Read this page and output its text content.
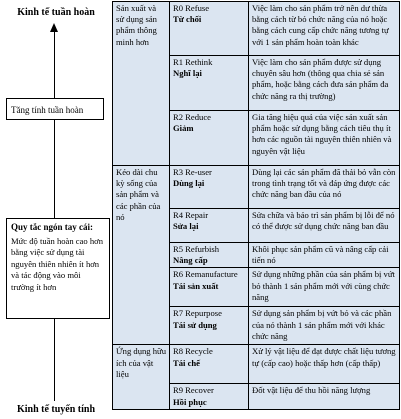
Kinh tế tuần hoàn
Tăng tính tuần hoàn
Quy tắc ngón tay cái:
Mức độ tuần hoàn cao hơn bằng việc sử dụng tài nguyên thiên nhiên ít hơn và tác động vào môi trường ít hơn
Kinh tế tuyến tính
Sản xuất và sử dụng sản phẩm thông minh hơn	R0 Refuse
Từ chối	Việc làm cho sản phẩm trở nên dư thừa bằng cách từ bỏ chức năng của nó hoặc bằng cách cung cấp chức năng tương tự với 1 sản phẩm hoàn toàn khác

	R1 Rethink
Nghĩ lại	Việc làm cho sản phẩm được sử dụng chuyên sâu hơn (thông qua chia sẻ sản phẩm, hoặc bằng cách đưa sản phẩm đa chức năng ra thị trường)

	R2 Reduce
Giảm	Gia tăng hiệu quả của việc sản xuất sản phẩm hoặc sử dụng bằng cách tiêu thụ ít hơn các nguồn tài nguyên thiên nhiên và nguyên vật liệu
Kéo dài chu kỳ sống của sản phẩm và các phần của nó	R3 Re-user
Dùng lại	Dùng lại các sản phẩm đã thải bỏ vẫn còn trong tình trạng tốt và đáp ứng được các chức năng ban đầu của nó

	R4 Repair
Sửa lại	Sửa chữa và bảo trì sản phẩm bị lỗi để nó có thể được sử dụng chức năng ban đầu

	R5 Refurbish
Nâng cấp	Khôi phục sản phẩm cũ và nâng cấp cải tiến nó

	R6 Remanufacture
Tái sản xuất	Sử dụng những phần của sản phẩm bị vứt bỏ thành 1 sản phẩm mới với cùng chức năng

	R7 Repurpose
Tái sử dụng	Sử dụng sản phẩm bị vứt bỏ và các phần của nó thành 1 sản phẩm mới với khác chức năng
Ứng dụng hữu ích của vật liệu	R8 Recycle
Tái chế	Xử lý vật liệu để đạt được chất liệu tương tự (cấp cao) hoặc thấp hơn (cấp thấp)

	R9 Recover
Hồi phục	Đốt vật liệu để thu hồi năng lượng
